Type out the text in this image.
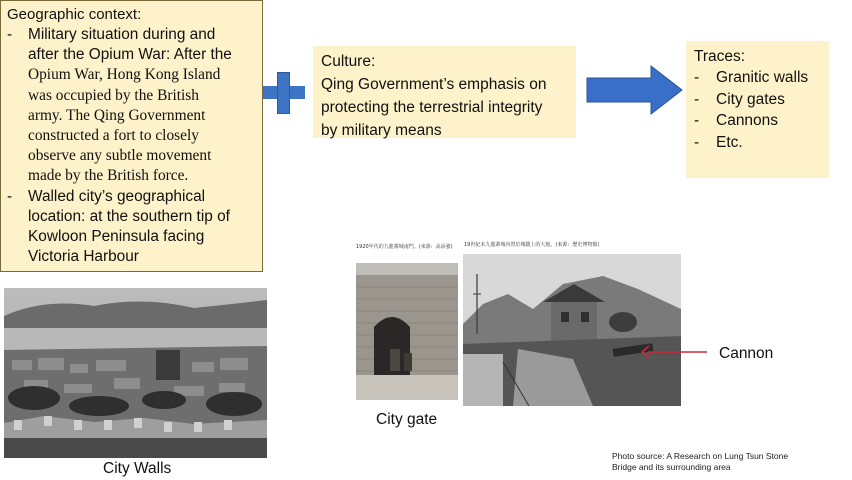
Geographic context:
-	Military situation during and
after the Opium War: After the
Opium War, Hong Kong Island
was occupied by the British
army. The Qing Government
constructed a fort to closely
observe any subtle movement
made by the British force.
-	Walled city’s geographical
location: at the southern tip of
Kowloon Peninsula facing
Victoria Harbour
Culture:
Qing Government’s emphasis on
protecting the terrestrial integrity
by military means
Traces:
-	Granitic walls
-	City gates
-	Cannons
-	Etc.
City Walls
1920年代的九龍寨城南門。(來源：高添強) 19世紀末九龍寨城內置於城牆上的大炮。(來源：歷史博物館)
City gate
Cannon
Photo source: A Research on Lung Tsun Stone
Bridge and its surrounding area
